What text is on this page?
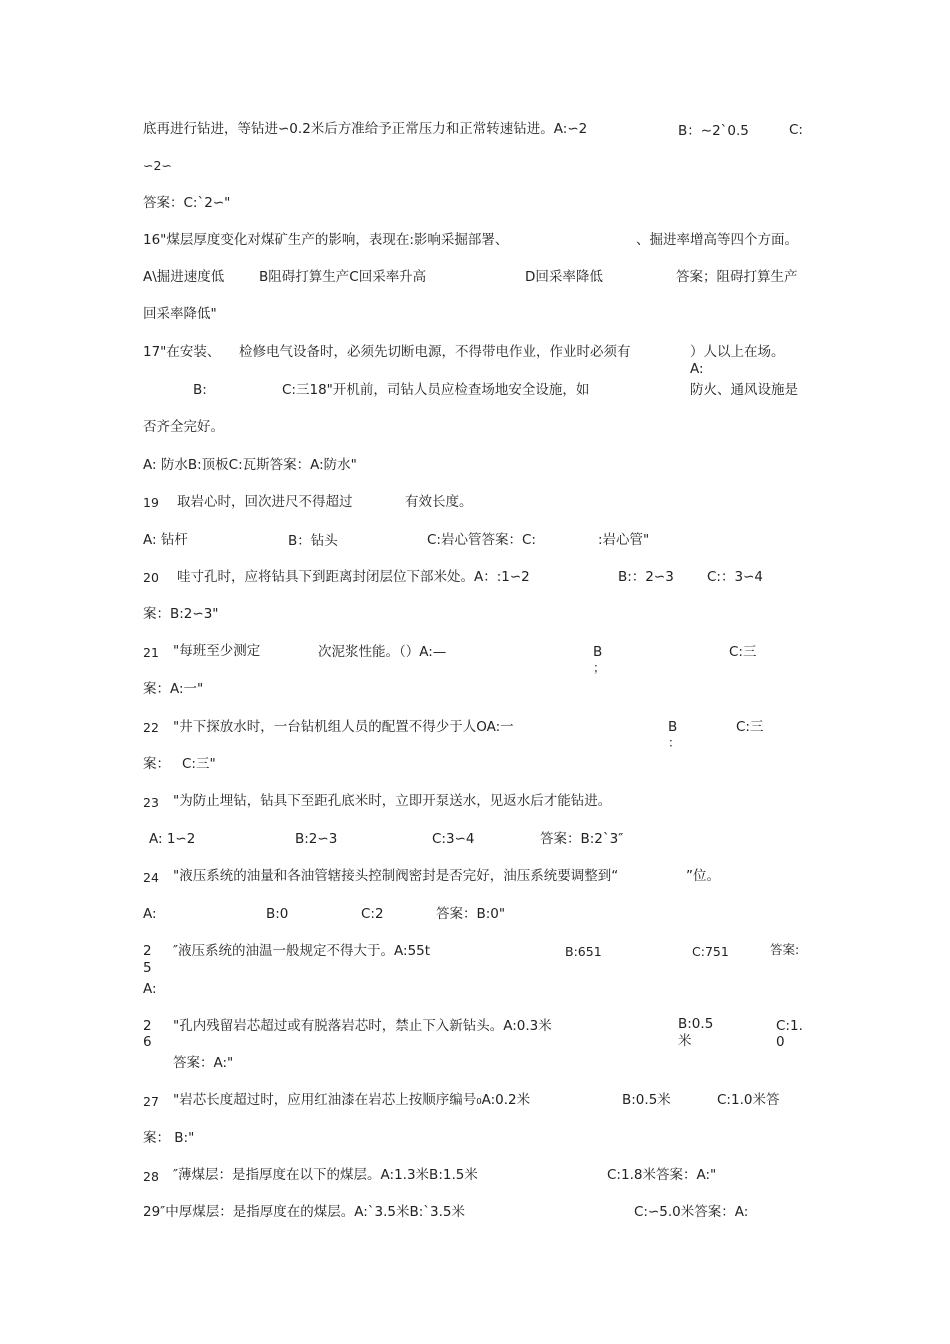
底再进行钻进，等钻进∽0.2米后方准给予正常压力和正常转速钻进。A:∽2	B：∼2`0.5	C:
∽2∽
答案：C:`2∽"
16"煤层厚度变化对煤矿生产的影响，表现在:影响采掘部署、	、掘进率增高等四个方面。
A\掘进速度低	B阻碍打算生产C回采率升高	D回采率降低	答案；阻碍打算生产
回采率降低"
17"在安装、 检修电气设备时，必须先切断电源，不得带电作业，作业时必须有	）人以上在场。
A:
B:	C:三18"开机前，司钻人员应检查场地安全设施，如	防火、通风设施是
否齐全完好。
A: 防水B:顶板C:瓦斯答案：A:防水"
19 取岩心时，回次进尺不得超过	有效长度。
A: 钻杆	B：钻头	C:岩心管答案：C:	:岩心管"
20 哇寸孔时，应将钻具下到距离封闭层位下部米处。A：:1∽2	B:：2∽3 C:：3∽4
案：B:2∽3"
21 "每班至少测定	次泥浆性能。（）A:—	B
；
C:三
案：A:一"
22 "井下探放水时，一台钻机组人员的配置不得少于人OA:一	B
：
C:三
案： C:三"
23 "为防止埋钻，钻具下至距孔底米时，立即开泵送水，见返水后才能钻进。
A: 1∽2	B:2∽3	C:3∽4	答案：B:2`3″
24 "液压系统的油量和各油管辖接头控制阀密封是否完好，油压系统要调整到“	”位。
A:	B:0	C:2	答案：B:0"
2
5
″液压系统的油温一般规定不得大于。A:55t	B:651	C:751	答案:
A:
2
6
"孔内残留岩芯超过或有脱落岩芯时，禁止下入新钻头。A:0.3米	B:0.5
米
C:1.
0
答案：A:"
27 "岩芯长度超过时，应用红油漆在岩芯上按顺序编号₀A:0.2米	B:0.5米	C:1.0米答
案： B:"
28 ″薄煤层：是指厚度在以下的煤层。A:1.3米B:1.5米	C:1.8米答案：A:"
29″中厚煤层：是指厚度在的煤层。A:`3.5米B:`3.5米	C:∽5.0米答案：A:
